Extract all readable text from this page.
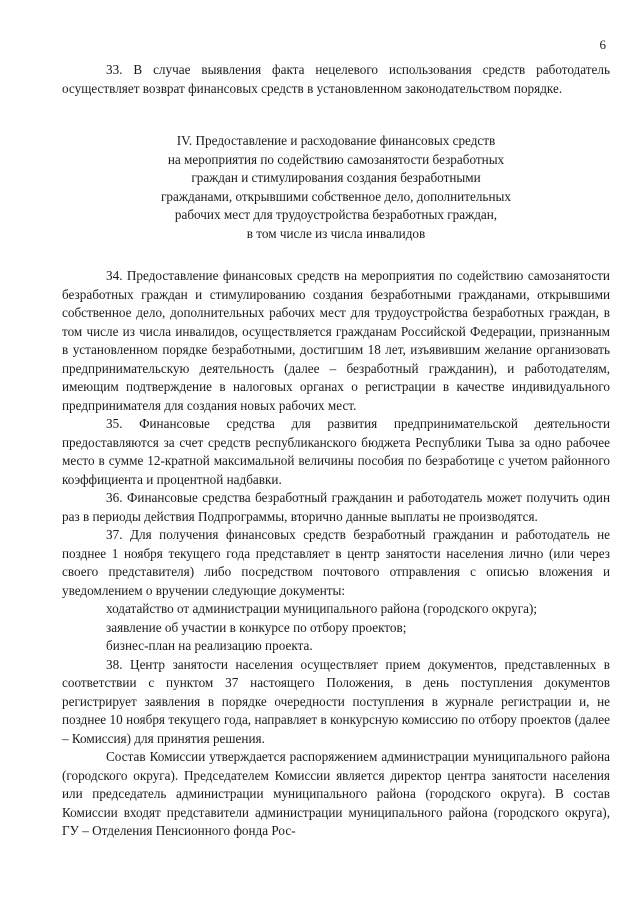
6

33. В случае выявления факта нецелевого использования средств работодатель осуществляет возврат финансовых средств в установленном законодательством порядке.

IV. Предоставление и расходование финансовых средств
на мероприятия по содействию самозанятости безработных
граждан и стимулирования создания безработными
гражданами, открывшими собственное дело, дополнительных
рабочих мест для трудоустройства безработных граждан,
в том числе из числа инвалидов

34. Предоставление финансовых средств на мероприятия по содействию самозанятости безработных граждан и стимулированию создания безработными гражданами, открывшими собственное дело, дополнительных рабочих мест для трудоустройства безработных граждан, в том числе из числа инвалидов, осуществляется гражданам Российской Федерации, признанным в установленном порядке безработными, достигшим 18 лет, изъявившим желание организовать предпринимательскую деятельность (далее – безработный гражданин), и работодателям, имеющим подтверждение в налоговых органах о регистрации в качестве индивидуального предпринимателя для создания новых рабочих мест.

35. Финансовые средства для развития предпринимательской деятельности предоставляются за счет средств республиканского бюджета Республики Тыва за одно рабочее место в сумме 12-кратной максимальной величины пособия по безработице с учетом районного коэффициента и процентной надбавки.

36. Финансовые средства безработный гражданин и работодатель может получить один раз в периоды действия Подпрограммы, вторично данные выплаты не производятся.

37. Для получения финансовых средств безработный гражданин и работодатель не позднее 1 ноября текущего года представляет в центр занятости населения лично (или через своего представителя) либо посредством почтового отправления с описью вложения и уведомлением о вручении следующие документы:

ходатайство от администрации муниципального района (городского округа);

заявление об участии в конкурсе по отбору проектов;

бизнес-план на реализацию проекта.

38. Центр занятости населения осуществляет прием документов, представленных в соответствии с пунктом 37 настоящего Положения, в день поступления документов регистрирует заявления в порядке очередности поступления в журнале регистрации и, не позднее 10 ноября текущего года, направляет в конкурсную комиссию по отбору проектов (далее – Комиссия) для принятия решения.

Состав Комиссии утверждается распоряжением администрации муниципального района (городского округа). Председателем Комиссии является директор центра занятости населения или председатель администрации муниципального района (городского округа). В состав Комиссии входят представители администрации муниципального района (городского округа), ГУ – Отделения Пенсионного фонда Рос-
